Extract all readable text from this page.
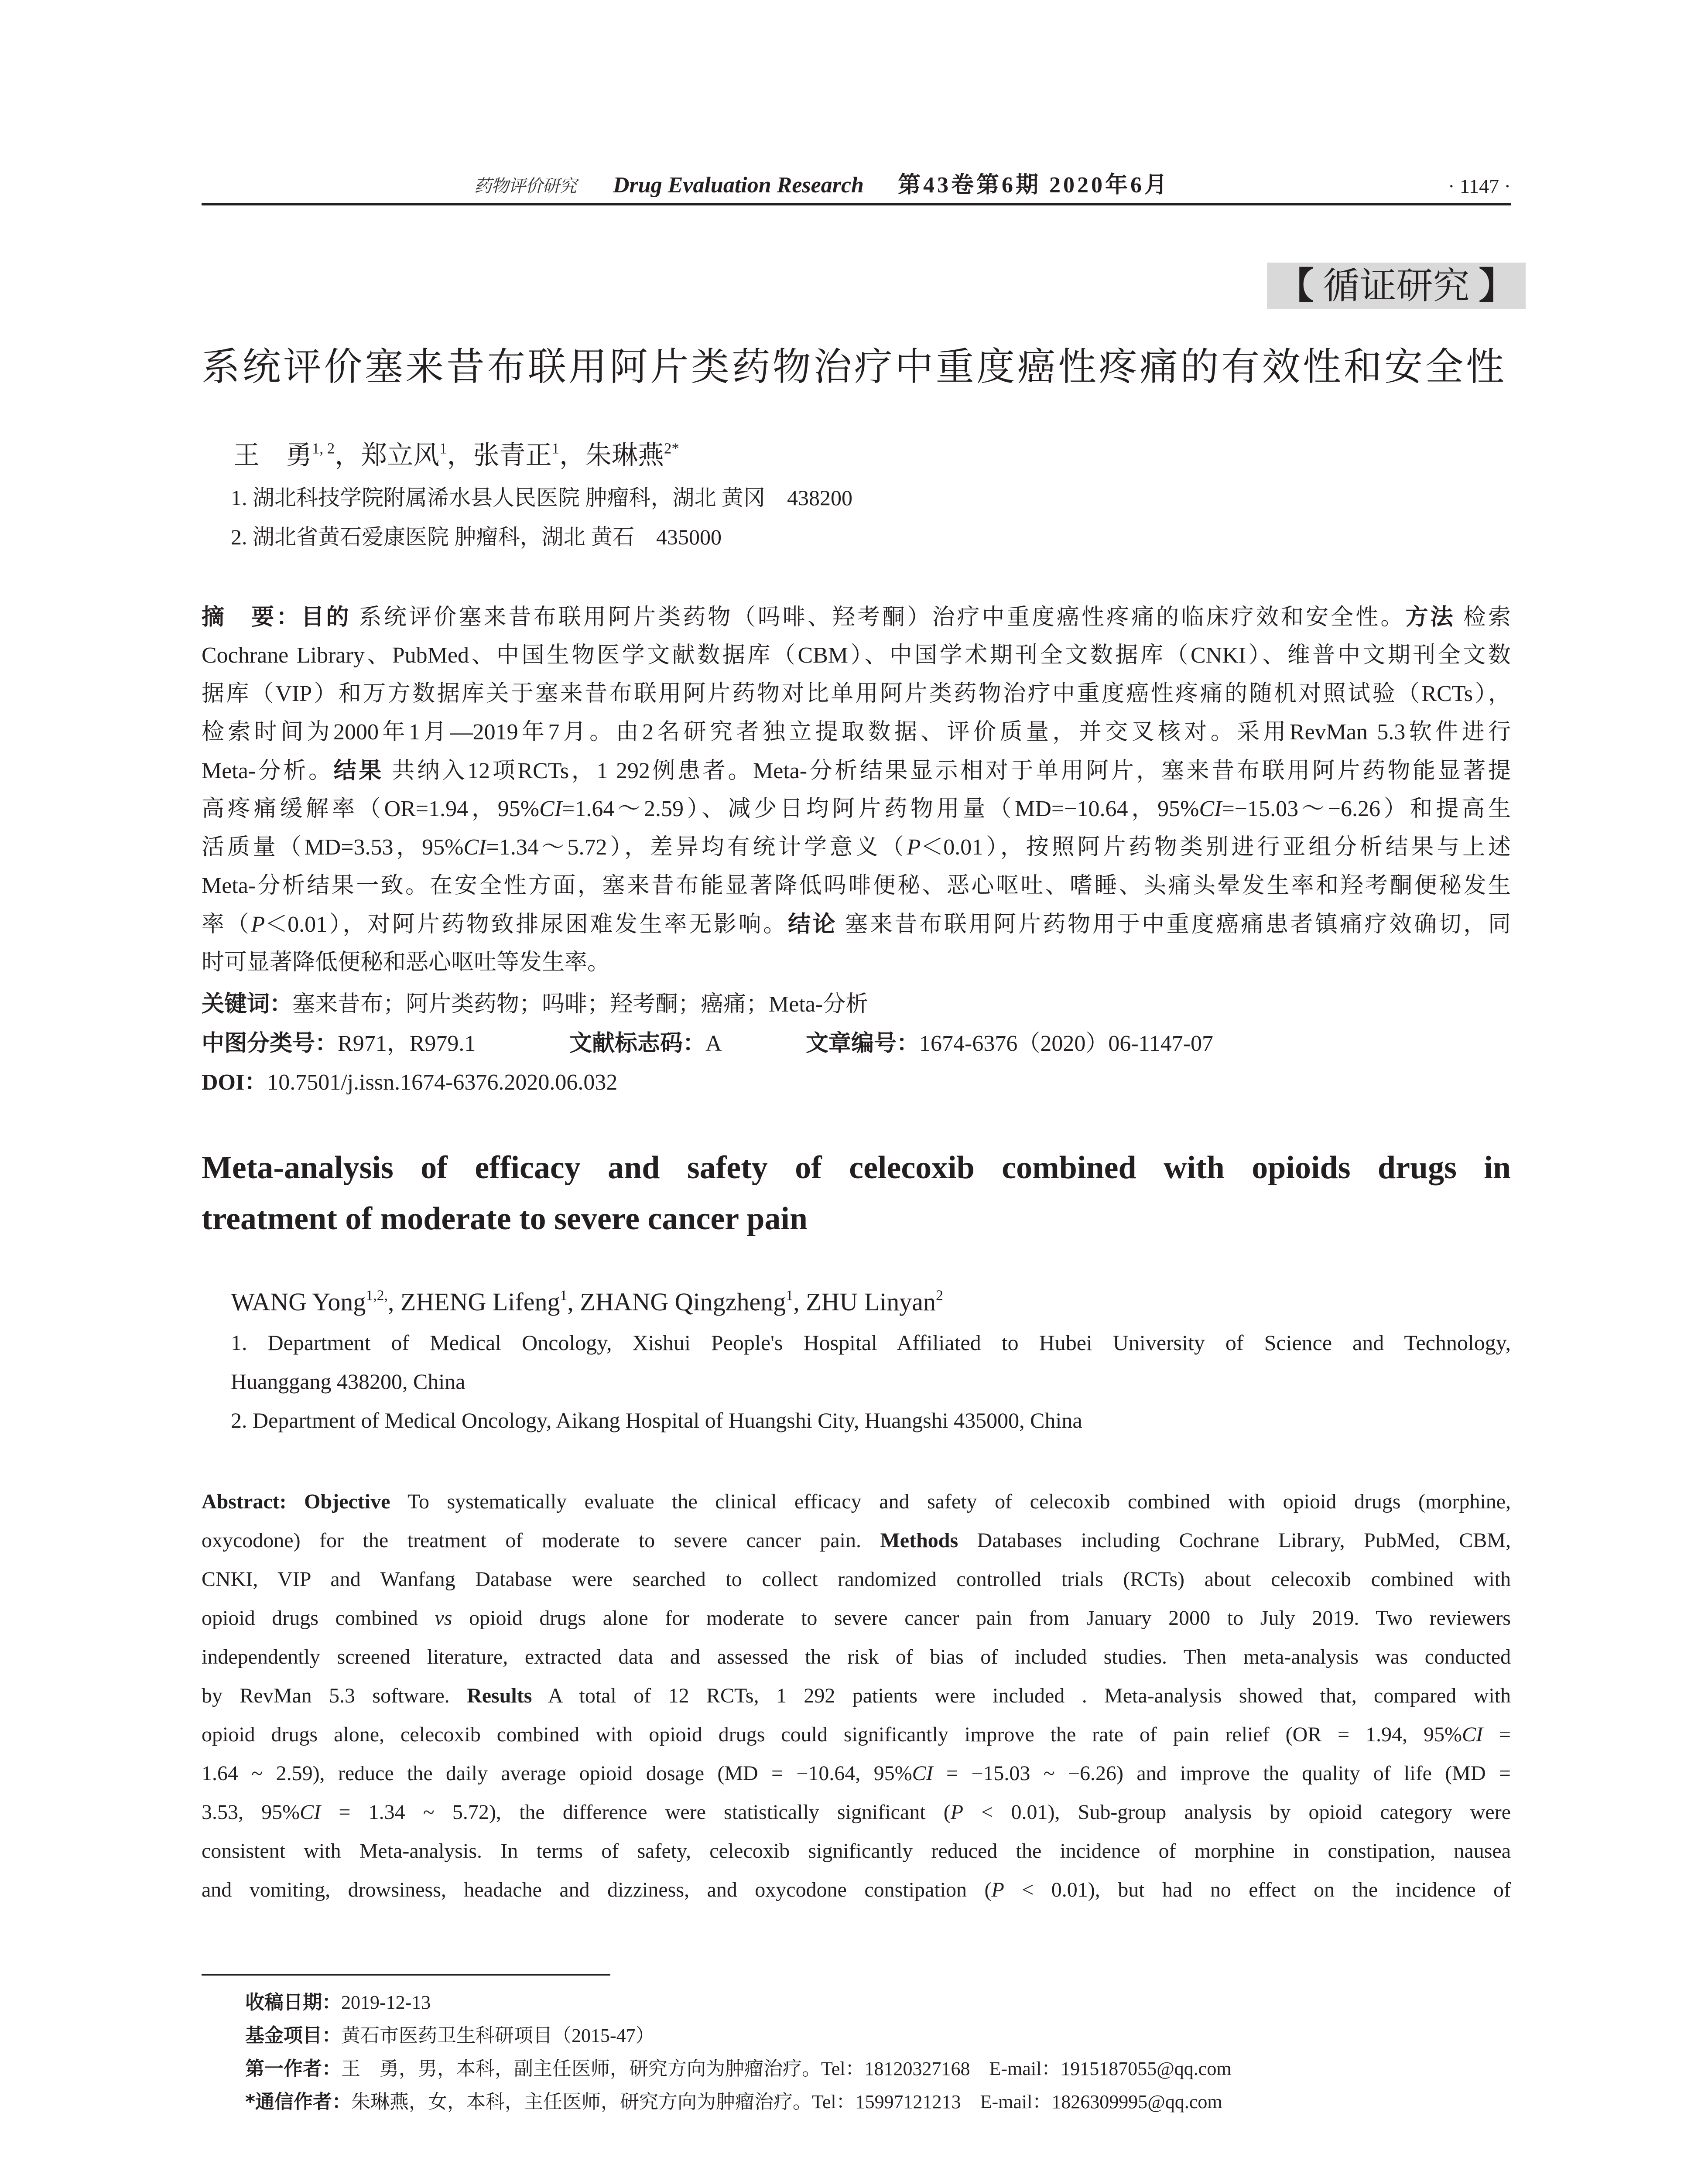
药物评价研究 Drug Evaluation Research 第43卷第6期 2020年6月	· 1147 ·
【 循证研究 】
系统评价塞来昔布联用阿片类药物治疗中重度癌性疼痛的有效性和安全性
王　勇$^{1, 2}$，郑立风$^1$，张青正$^1$，朱琳燕$^{2*}$
1. 湖北科技学院附属浠水县人民医院 肿瘤科，湖北 黄冈　438200
2. 湖北省黄石爱康医院 肿瘤科，湖北 黄石　435000
摘　要：目的 系统评价塞来昔布联用阿片类药物（吗啡、羟考酮）治疗中重度癌性疼痛的临床疗效和安全性。方法 检索
Cochrane Library、PubMed、中国生物医学文献数据库（CBM）、中国学术期刊全文数据库（CNKI）、维普中文期刊全文数
据库（VIP）和万方数据库关于塞来昔布联用阿片药物对比单用阿片类药物治疗中重度癌性疼痛的随机对照试验（RCTs），
检索时间为2000年1月—2019年7月。由2名研究者独立提取数据、评价质量，并交叉核对。采用RevMan 5.3软件进行
Meta-分析。结果 共纳入12项RCTs，1 292例患者。Meta-分析结果显示相对于单用阿片，塞来昔布联用阿片药物能显著提
高疼痛缓解率（OR=1.94，95%CI=1.64～2.59）、减少日均阿片药物用量（MD=−10.64，95%CI=−15.03～−6.26）和提高生
活质量（MD=3.53，95%CI=1.34～5.72），差异均有统计学意义（P＜0.01），按照阿片药物类别进行亚组分析结果与上述
Meta-分析结果一致。在安全性方面，塞来昔布能显著降低吗啡便秘、恶心呕吐、嗜睡、头痛头晕发生率和羟考酮便秘发生
率（P＜0.01），对阿片药物致排尿困难发生率无影响。结论 塞来昔布联用阿片药物用于中重度癌痛患者镇痛疗效确切，同
时可显著降低便秘和恶心呕吐等发生率。
关键词：塞来昔布；阿片类药物；吗啡；羟考酮；癌痛；Meta-分析
中图分类号：R971，R979.1	文献标志码：A	文章编号：1674-6376（2020）06-1147-07
DOI：10.7501/j.issn.1674-6376.2020.06.032
Meta-analysis of efficacy and safety of celecoxib combined with opioids drugs in
treatment of moderate to severe cancer pain
WANG Yong$^{1,2,}$, ZHENG Lifeng$^1$, ZHANG Qingzheng$^1$, ZHU Linyan$^2$
1. Department of Medical Oncology, Xishui People's Hospital Affiliated to Hubei University of Science and Technology,
Huanggang 438200, China
2. Department of Medical Oncology, Aikang Hospital of Huangshi City, Huangshi 435000, China
Abstract: Objective To systematically evaluate the clinical efficacy and safety of celecoxib combined with opioid drugs (morphine,
oxycodone) for the treatment of moderate to severe cancer pain. Methods Databases including Cochrane Library, PubMed, CBM,
CNKI, VIP and Wanfang Database were searched to collect randomized controlled trials (RCTs) about celecoxib combined with
opioid drugs combined vs opioid drugs alone for moderate to severe cancer pain from January 2000 to July 2019. Two reviewers
independently screened literature, extracted data and assessed the risk of bias of included studies. Then meta-analysis was conducted
by RevMan 5.3 software. Results A total of 12 RCTs, 1 292 patients were included . Meta-analysis showed that, compared with
opioid drugs alone, celecoxib combined with opioid drugs could significantly improve the rate of pain relief (OR = 1.94, 95%CI =
1.64 ~ 2.59), reduce the daily average opioid dosage (MD = −10.64, 95%CI = −15.03 ~ −6.26) and improve the quality of life (MD =
3.53, 95%CI = 1.34 ~ 5.72), the difference were statistically significant (P < 0.01), Sub-group analysis by opioid category were
consistent with Meta-analysis. In terms of safety, celecoxib significantly reduced the incidence of morphine in constipation, nausea
and vomiting, drowsiness, headache and dizziness, and oxycodone constipation (P < 0.01), but had no effect on the incidence of
收稿日期：2019-12-13
基金项目：黄石市医药卫生科研项目（2015-47）
第一作者：王　勇，男，本科，副主任医师，研究方向为肿瘤治疗。Tel：18120327168　E-mail：1915187055@qq.com
*通信作者：朱琳燕，女，本科，主任医师，研究方向为肿瘤治疗。Tel：15997121213　E-mail：1826309995@qq.com
